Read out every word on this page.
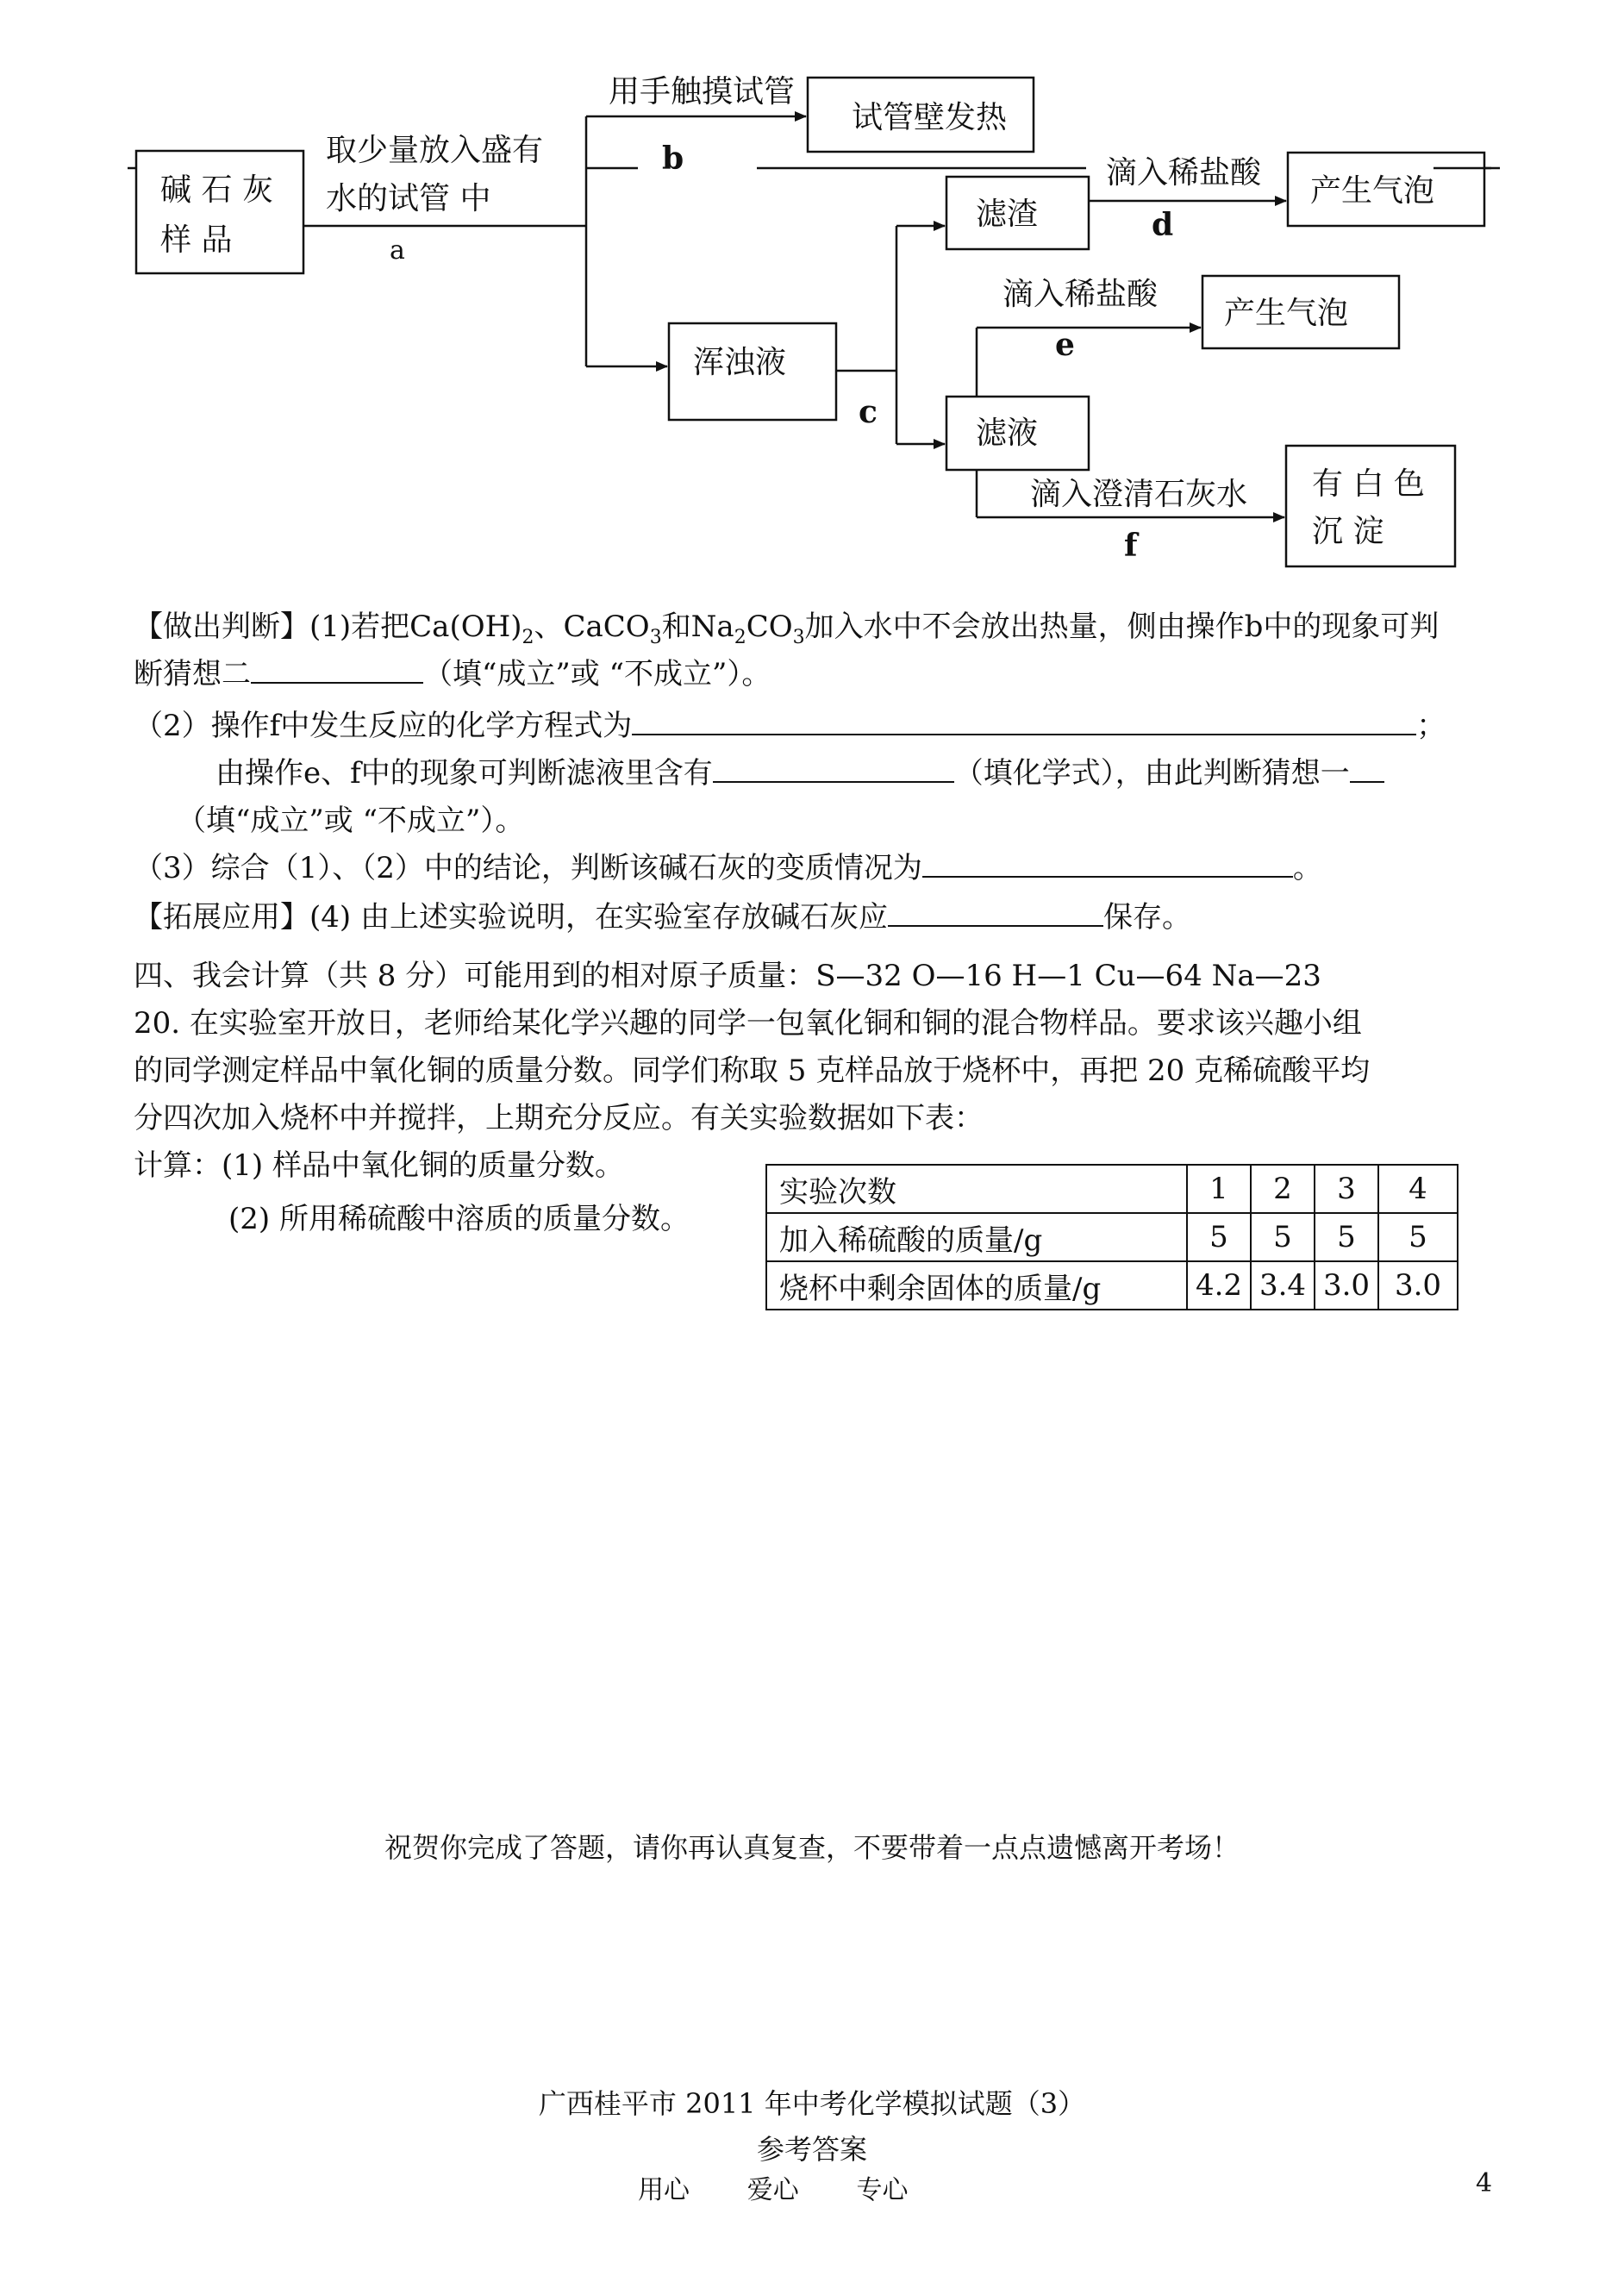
碱 石 灰
样 品
取少量放入盛有
水的试管 中
a
用手触摸试管
b
试管壁发热
滴入稀盐酸
d
产生气泡
滤渣
滴入稀盐酸
e
产生气泡
浑浊液
c
滤液
滴入澄清石灰水
f
有 白 色
沉 淀
【做出判断】(1)若把$Ca(OH)_2$、CaCO$_3$和$Na_2CO_3$加入水中不会放出热量，侧由操作b中的现象可判
断猜想二	（填“成立”或 “不成立”）。
（2）操作f中发生反应的化学方程式为	；
由操作e、f中的现象可判断滤液里含有	（填化学式），由此判断猜想一
（填“成立”或 “不成立”）。
（3）综合（1）、（2）中的结论，判断该碱石灰的变质情况为	。
【拓展应用】(4) 由上述实验说明，在实验室存放碱石灰应	保存。
四、我会计算（共 8 分）可能用到的相对原子质量：S—32 O—16 H—1 Cu—64 Na—23
20. 在实验室开放日，老师给某化学兴趣的同学一包氧化铜和铜的混合物样品。要求该兴趣小组
的同学测定样品中氧化铜的质量分数。同学们称取 5 克样品放于烧杯中，再把 20 克稀硫酸平均
分四次加入烧杯中并搅拌，上期充分反应。有关实验数据如下表：
计算：(1) 样品中氧化铜的质量分数。
(2) 所用稀硫酸中溶质的质量分数。
实验次数	1	2	3	4
加入稀硫酸的质量/g	5	5	5	5
烧杯中剩余固体的质量/g	4.2	3.4	3.0	3.0
祝贺你完成了答题，请你再认真复查，不要带着一点点遗憾离开考场！
广西桂平市 2011 年中考化学模拟试题（3）
参考答案
用心       爱心       专心	4
